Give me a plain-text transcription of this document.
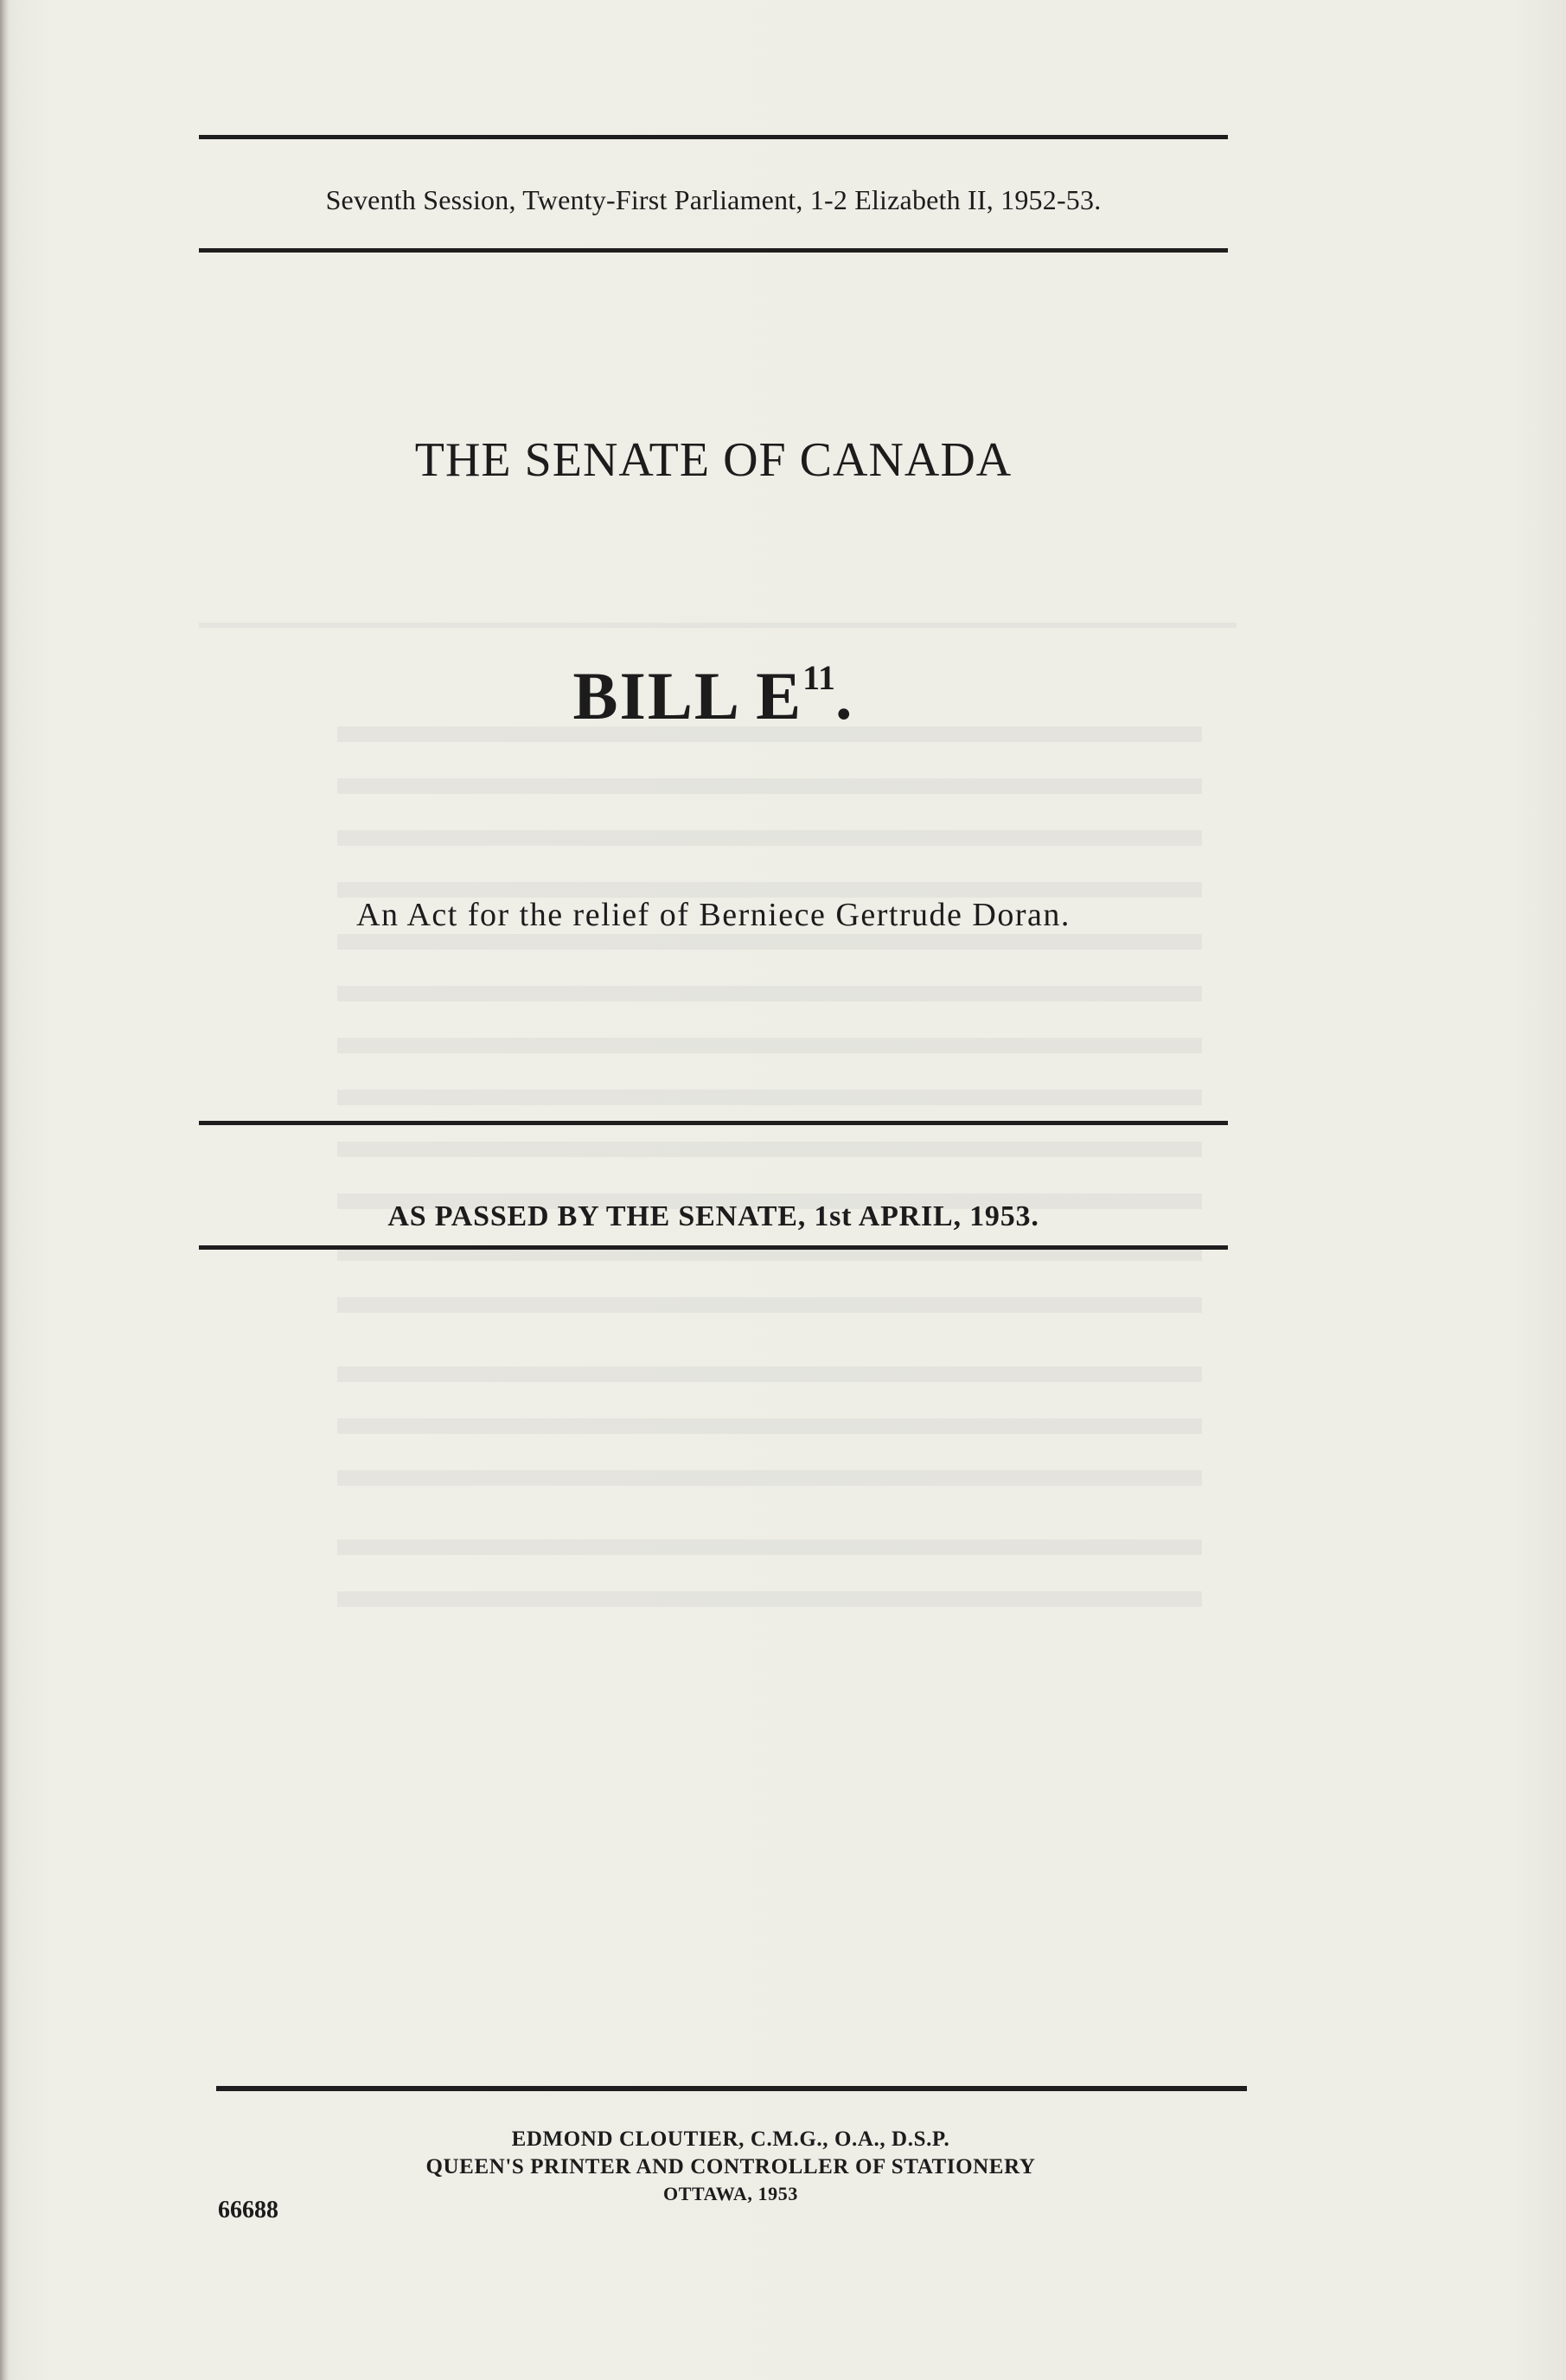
Seventh Session, Twenty-First Parliament, 1-2 Elizabeth II, 1952-53.
THE SENATE OF CANADA
BILL $E^{11}$.
An Act for the relief of Berniece Gertrude Doran.
AS PASSED BY THE SENATE, 1st APRIL, 1953.
EDMOND CLOUTIER, C.M.G., O.A., D.S.P.
QUEEN'S PRINTER AND CONTROLLER OF STATIONERY
OTTAWA, 1953
66688
